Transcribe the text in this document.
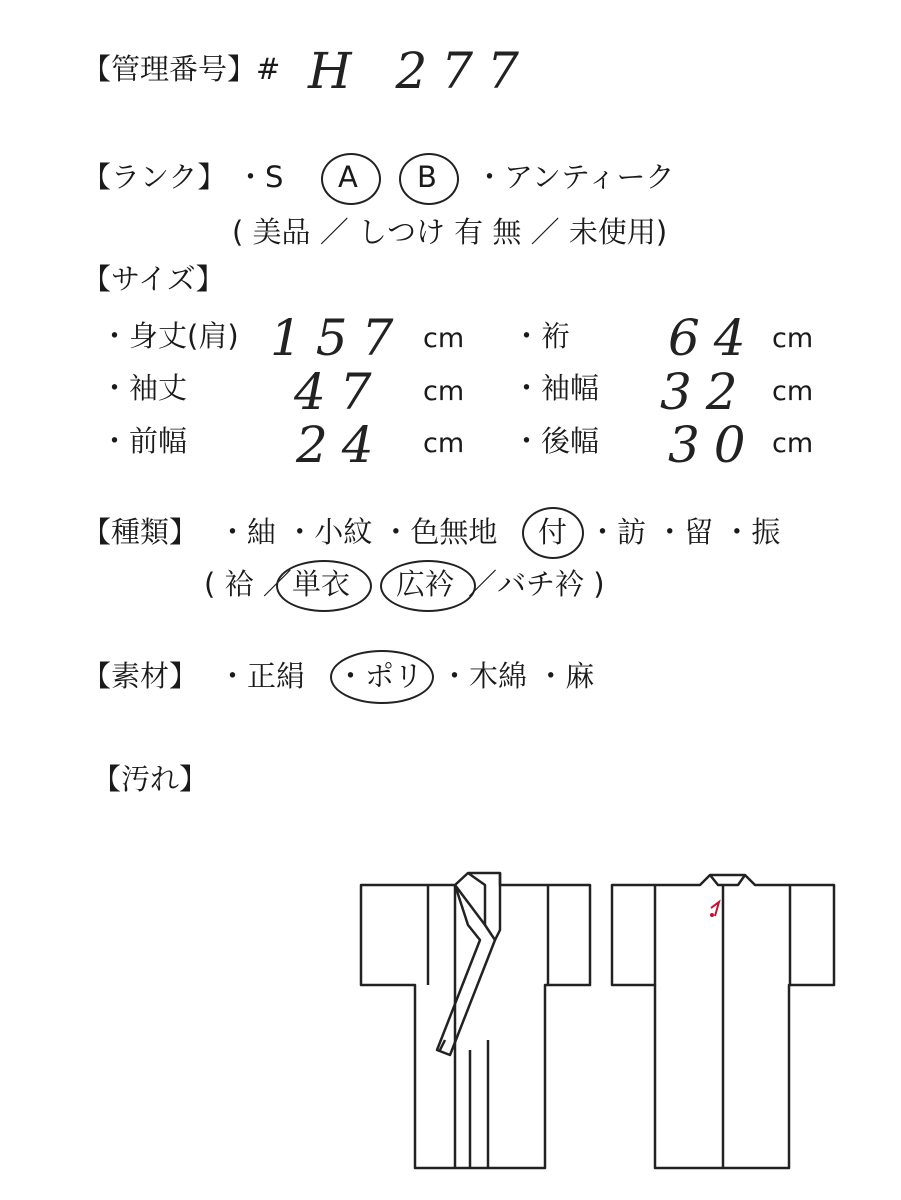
【管理番号】# H 277
【ランク】 ・S A B ・アンティーク
( 美品 ／ しつけ 有 無 ／ 未使用)
【サイズ】
・身丈(肩) 157 cm ・裄 64 cm
・袖丈 47 cm ・袖幅 32 cm
・前幅 24 cm ・後幅 30 cm
【種類】 ・紬 ・小紋 ・色無地 付 ・訪 ・留 ・振
( 袷 ／ 単衣 広衿 ／バチ衿 )
【素材】 ・正絹 ・ポリ ・木綿 ・麻
【汚れ】
